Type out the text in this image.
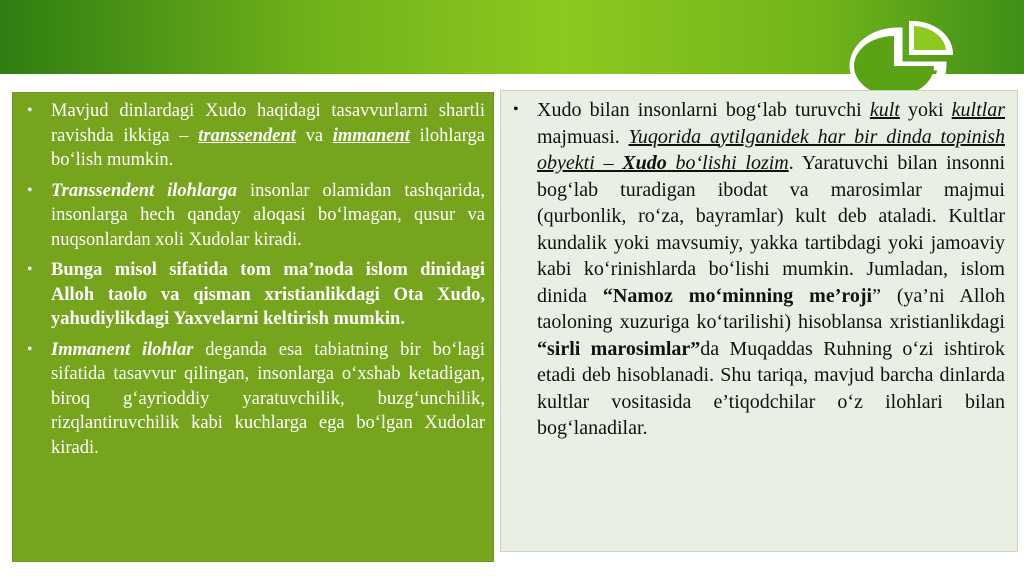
• Mavjud dinlardagi Xudo haqidagi tasavvurlarni shartli ravishda ikkiga – transsendent va immanent ilohlarga bo‘lish mumkin.
• Transsendent ilohlarga insonlar olamidan tashqarida, insonlarga hech qanday aloqasi bo‘lmagan, qusur va nuqsonlardan xoli Xudolar kiradi.
• Bunga misol sifatida tom ma’noda islom dinidagi Alloh taolo va qisman xristianlikdagi Ota Xudo, yahudiylikdagi Yaxvelarni keltirish mumkin.
• Immanent ilohlar deganda esa tabiatning bir bo‘lagi sifatida tasavvur qilingan, insonlarga o‘xshab ketadigan, biroq g‘ayrioddiy yaratuvchilik, buzg‘unchilik, rizqlantiruvchilik kabi kuchlarga ega bo‘lgan Xudolar kiradi.
• Xudo bilan insonlarni bog‘lab turuvchi kult yoki kultlar majmuasi. Yuqorida aytilganidek har bir dinda topinish obyekti – Xudo bo‘lishi lozim. Yaratuvchi bilan insonni bog‘lab turadigan ibodat va marosimlar majmui (qurbonlik, ro‘za, bayramlar) kult deb ataladi. Kultlar kundalik yoki mavsumiy, yakka tartibdagi yoki jamoaviy kabi ko‘rinishlarda bo‘lishi mumkin. Jumladan, islom dinida “Namoz mo‘minning me’roji” (ya’ni Alloh taoloning xuzuriga ko‘tarilishi) hisoblansa xristianlikdagi “sirli marosimlar”da Muqaddas Ruhning o‘zi ishtirok etadi deb hisoblanadi. Shu tariqa, mavjud barcha dinlarda kultlar vositasida e’tiqodchilar o‘z ilohlari bilan bog‘lanadilar.
